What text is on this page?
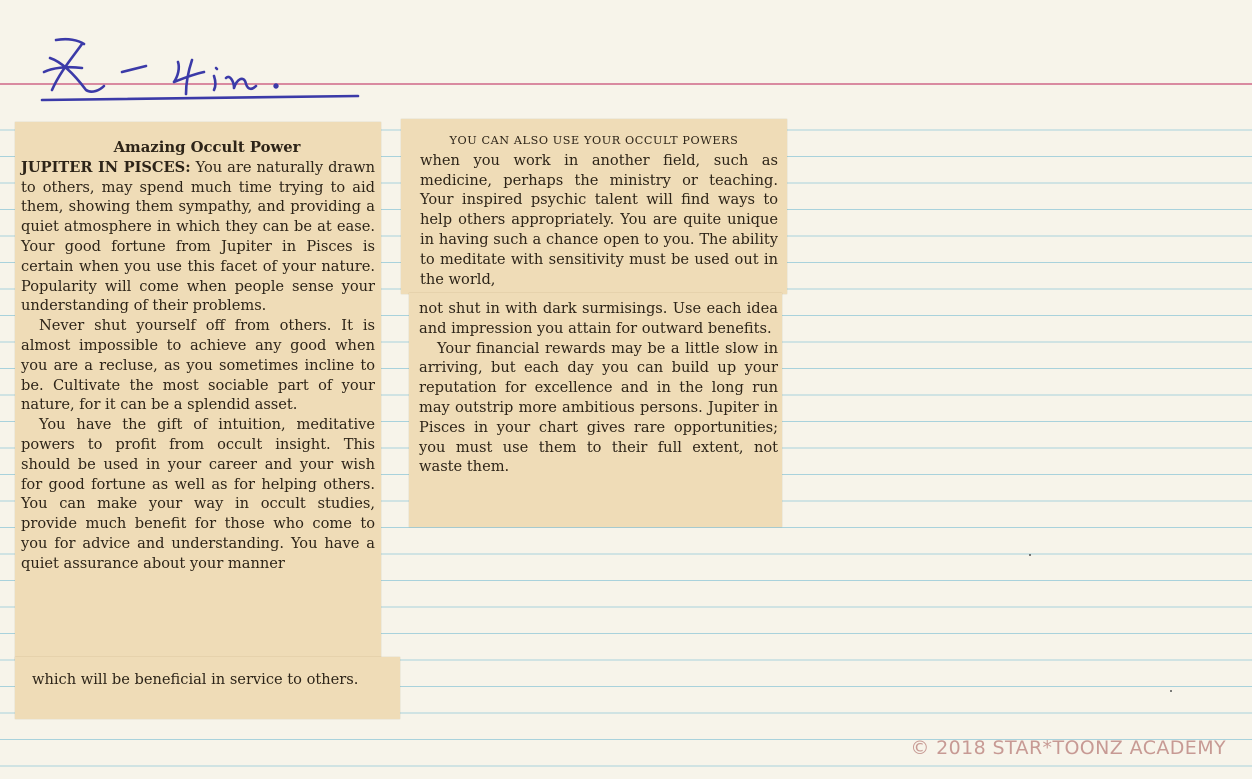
Amazing Occult Power

JUPITER IN PISCES: You are naturally drawn to others, may spend much time trying to aid them, showing them sympathy, and providing a quiet atmosphere in which they can be at ease. Your good fortune from Jupiter in Pisces is certain when you use this facet of your nature. Popularity will come when people sense your understanding of their problems.

Never shut yourself off from others. It is almost impossible to achieve any good when you are a recluse, as you sometimes incline to be. Cultivate the most sociable part of your nature, for it can be a splendid asset.

You have the gift of intuition, meditative powers to profit from occult insight. This should be used in your career and your wish for good fortune as well as for helping others. You can make your way in occult studies, provide much benefit for those who come to you for advice and understanding. You have a quiet assurance about your manner

which will be beneficial in service to others.

YOU CAN ALSO USE YOUR OCCULT POWERS
when you work in another field, such as medicine, perhaps the ministry or teaching. Your inspired psychic talent will find ways to help others appropriately. You are quite unique in having such a chance open to you. The ability to meditate with sensitivity must be used out in the world,

not shut in with dark surmisings. Use each idea and impression you attain for outward benefits.

Your financial rewards may be a little slow in arriving, but each day you can build up your reputation for excellence and in the long run may outstrip more ambitious persons. Jupiter in Pisces in your chart gives rare opportunities; you must use them to their full extent, not waste them.

© 2018 STAR*TOONZ ACADEMY
